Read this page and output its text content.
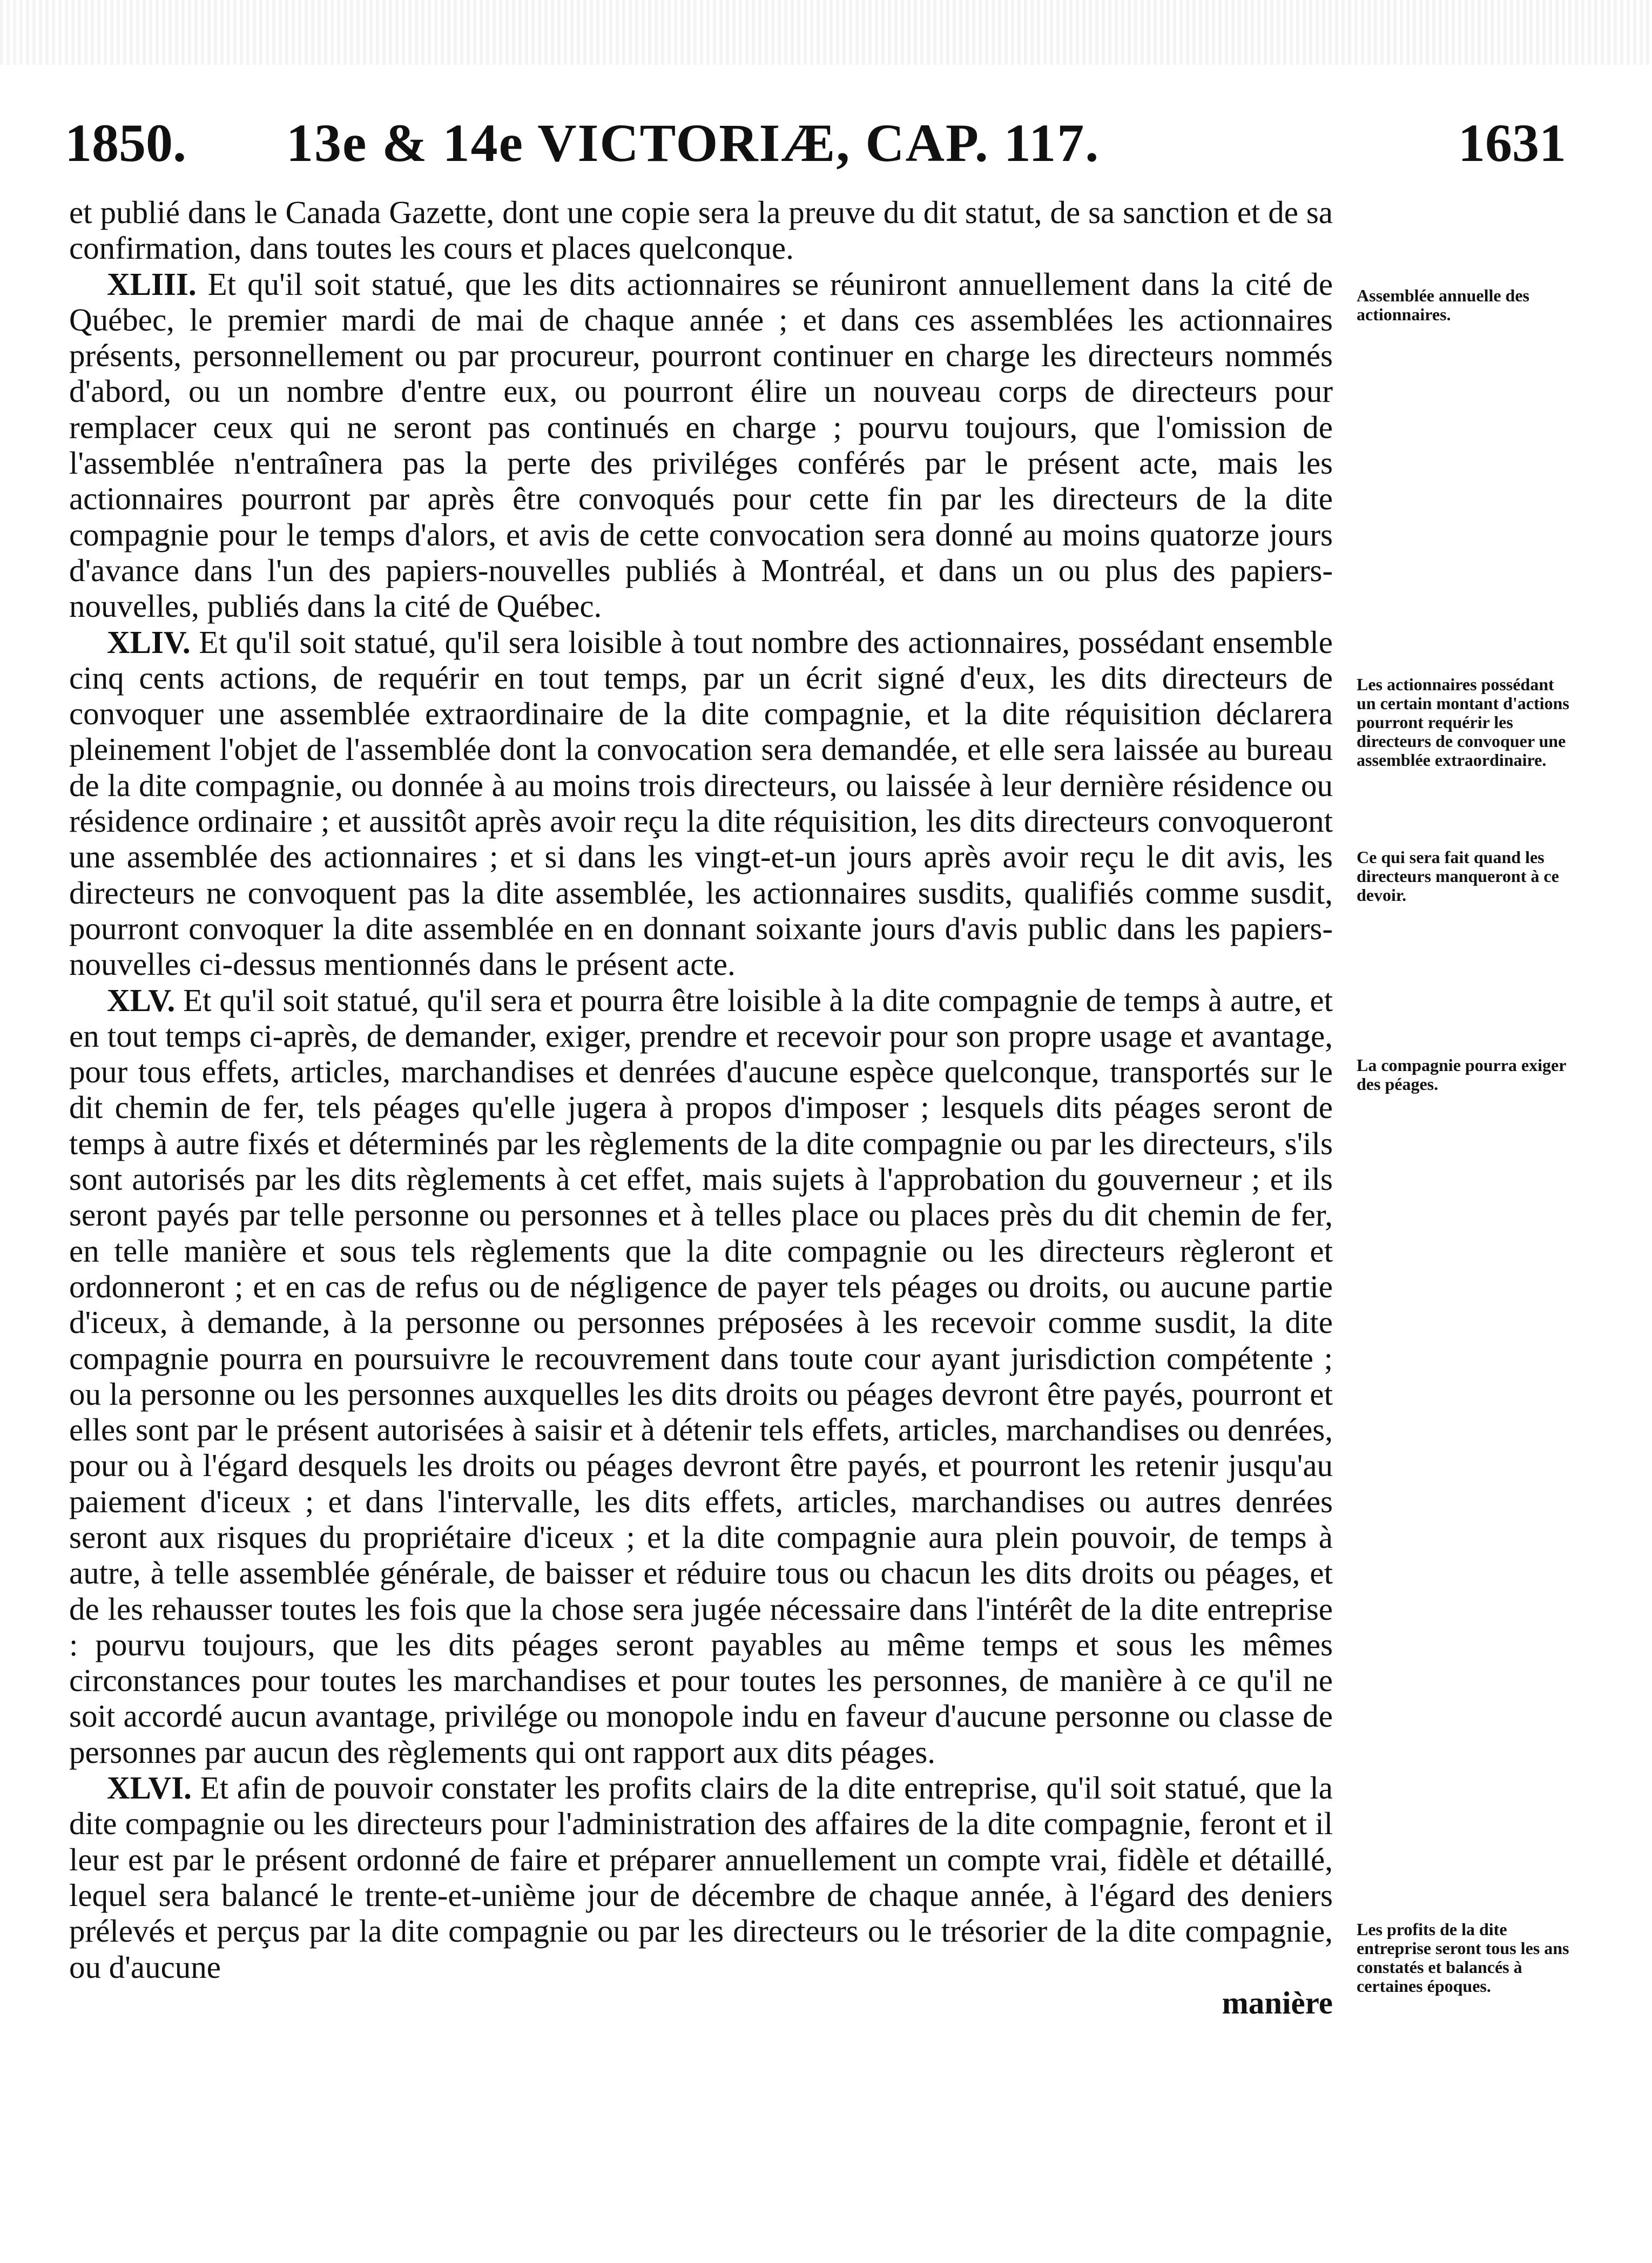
1850. 13e & 14e VICTORIÆ, CAP. 117.	1631

et publié dans le Canada Gazette, dont une copie sera la preuve du dit statut, de sa sanction et de sa confirmation, dans toutes les cours et places quelconque.

XLIII. Et qu'il soit statué, que les dits actionnaires se réuniront annuellement dans la cité de Québec, le premier mardi de mai de chaque année ; et dans ces assemblées les actionnaires présents, personnellement ou par procureur, pourront continuer en charge les directeurs nommés d'abord, ou un nombre d'entre eux, ou pourront élire un nouveau corps de directeurs pour remplacer ceux qui ne seront pas continués en charge ; pourvu toujours, que l'omission de l'assemblée n'entraînera pas la perte des priviléges conférés par le présent acte, mais les actionnaires pourront par après être convoqués pour cette fin par les directeurs de la dite compagnie pour le temps d'alors, et avis de cette convocation sera donné au moins quatorze jours d'avance dans l'un des papiers-nouvelles publiés à Montréal, et dans un ou plus des papiers-nouvelles, publiés dans la cité de Québec.

XLIV. Et qu'il soit statué, qu'il sera loisible à tout nombre des actionnaires, possédant ensemble cinq cents actions, de requérir en tout temps, par un écrit signé d'eux, les dits directeurs de convoquer une assemblée extraordinaire de la dite compagnie, et la dite réquisition déclarera pleinement l'objet de l'assemblée dont la convocation sera demandée, et elle sera laissée au bureau de la dite compagnie, ou donnée à au moins trois directeurs, ou laissée à leur dernière résidence ou résidence ordinaire ; et aussitôt après avoir reçu la dite réquisition, les dits directeurs convoqueront une assemblée des actionnaires ; et si dans les vingt-et-un jours après avoir reçu le dit avis, les directeurs ne convoquent pas la dite assemblée, les actionnaires susdits, qualifiés comme susdit, pourront convoquer la dite assemblée en en donnant soixante jours d'avis public dans les papiers-nouvelles ci-dessus mentionnés dans le présent acte.

XLV. Et qu'il soit statué, qu'il sera et pourra être loisible à la dite compagnie de temps à autre, et en tout temps ci-après, de demander, exiger, prendre et recevoir pour son propre usage et avantage, pour tous effets, articles, marchandises et denrées d'aucune espèce quelconque, transportés sur le dit chemin de fer, tels péages qu'elle jugera à propos d'imposer ; lesquels dits péages seront de temps à autre fixés et déterminés par les règlements de la dite compagnie ou par les directeurs, s'ils sont autorisés par les dits règlements à cet effet, mais sujets à l'approbation du gouverneur ; et ils seront payés par telle personne ou personnes et à telles place ou places près du dit chemin de fer, en telle manière et sous tels règlements que la dite compagnie ou les directeurs règleront et ordonneront ; et en cas de refus ou de négligence de payer tels péages ou droits, ou aucune partie d'iceux, à demande, à la personne ou personnes préposées à les recevoir comme susdit, la dite compagnie pourra en poursuivre le recouvrement dans toute cour ayant jurisdiction compétente ; ou la personne ou les personnes auxquelles les dits droits ou péages devront être payés, pourront et elles sont par le présent autorisées à saisir et à détenir tels effets, articles, marchandises ou denrées, pour ou à l'égard desquels les droits ou péages devront être payés, et pourront les retenir jusqu'au paiement d'iceux ; et dans l'intervalle, les dits effets, articles, marchandises ou autres denrées seront aux risques du propriétaire d'iceux ; et la dite compagnie aura plein pouvoir, de temps à autre, à telle assemblée générale, de baisser et réduire tous ou chacun les dits droits ou péages, et de les rehausser toutes les fois que la chose sera jugée nécessaire dans l'intérêt de la dite entreprise : pourvu toujours, que les dits péages seront payables au même temps et sous les mêmes circonstances pour toutes les marchandises et pour toutes les personnes, de manière à ce qu'il ne soit accordé aucun avantage, privilége ou monopole indu en faveur d'aucune personne ou classe de personnes par aucun des règlements qui ont rapport aux dits péages.

XLVI. Et afin de pouvoir constater les profits clairs de la dite entreprise, qu'il soit statué, que la dite compagnie ou les directeurs pour l'administration des affaires de la dite compagnie, feront et il leur est par le présent ordonné de faire et préparer annuellement un compte vrai, fidèle et détaillé, lequel sera balancé le trente-et-unième jour de décembre de chaque année, à l'égard des deniers prélevés et perçus par la dite compagnie ou par les directeurs ou le trésorier de la dite compagnie, ou d'aucune

manière

Assemblée annuelle des actionnaires.
Les actionnaires possédant un certain montant d'actions pourront requérir les directeurs de convoquer une assemblée extraordinaire.
Ce qui sera fait quand les directeurs manqueront à ce devoir.
La compagnie pourra exiger des péages.
Les profits de la dite entreprise seront tous les ans constatés et balancés à certaines époques.
